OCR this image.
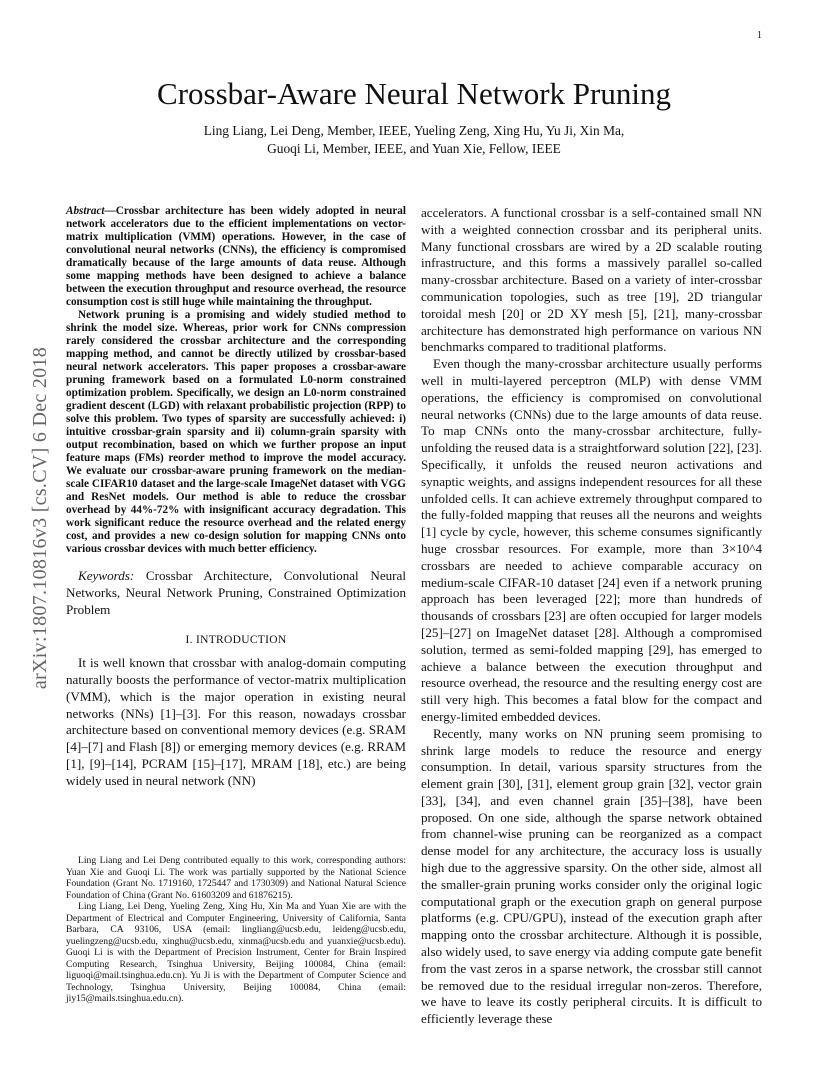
1
arXiv:1807.10816v3 [cs.CV] 6 Dec 2018
Crossbar-Aware Neural Network Pruning
Ling Liang, Lei Deng, Member, IEEE, Yueling Zeng, Xing Hu, Yu Ji, Xin Ma,
Guoqi Li, Member, IEEE, and Yuan Xie, Fellow, IEEE

Abstract—Crossbar architecture has been widely adopted in neural network accelerators due to the efficient implementations on vector-matrix multiplication (VMM) operations. However, in the case of convolutional neural networks (CNNs), the efficiency is compromised dramatically because of the large amounts of data reuse. Although some mapping methods have been designed to achieve a balance between the execution throughput and resource overhead, the resource consumption cost is still huge while maintaining the throughput.

Network pruning is a promising and widely studied method to shrink the model size. Whereas, prior work for CNNs compression rarely considered the crossbar architecture and the corresponding mapping method, and cannot be directly utilized by crossbar-based neural network accelerators. This paper proposes a crossbar-aware pruning framework based on a formulated L0-norm constrained optimization problem. Specifically, we design an L0-norm constrained gradient descent (LGD) with relaxant probabilistic projection (RPP) to solve this problem. Two types of sparsity are successfully achieved: i) intuitive crossbar-grain sparsity and ii) column-grain sparsity with output recombination, based on which we further propose an input feature maps (FMs) reorder method to improve the model accuracy. We evaluate our crossbar-aware pruning framework on the median-scale CIFAR10 dataset and the large-scale ImageNet dataset with VGG and ResNet models. Our method is able to reduce the crossbar overhead by 44%-72% with insignificant accuracy degradation. This work significant reduce the resource overhead and the related energy cost, and provides a new co-design solution for mapping CNNs onto various crossbar devices with much better efficiency.

Keywords: Crossbar Architecture, Convolutional Neural Networks, Neural Network Pruning, Constrained Optimization Problem

I. INTRODUCTION

It is well known that crossbar with analog-domain computing naturally boosts the performance of vector-matrix multiplication (VMM), which is the major operation in existing neural networks (NNs) [1]–[3]. For this reason, nowadays crossbar architecture based on conventional memory devices (e.g. SRAM [4]–[7] and Flash [8]) or emerging memory devices (e.g. RRAM [1], [9]–[14], PCRAM [15]–[17], MRAM [18], etc.) are being widely used in neural network (NN)

Ling Liang and Lei Deng contributed equally to this work, corresponding authors: Yuan Xie and Guoqi Li. The work was partially supported by the National Science Foundation (Grant No. 1719160, 1725447 and 1730309) and National Natural Science Foundation of China (Grant No. 61603209 and 61876215).

Ling Liang, Lei Deng, Yueling Zeng, Xing Hu, Xin Ma and Yuan Xie are with the Department of Electrical and Computer Engineering, University of California, Santa Barbara, CA 93106, USA (email: lingliang@ucsb.edu, leideng@ucsb.edu, yuelingzeng@ucsb.edu, xinghu@ucsb.edu, xinma@ucsb.edu and yuanxie@ucsb.edu). Guoqi Li is with the Department of Precision Instrument, Center for Brain Inspired Computing Research, Tsinghua University, Beijing 100084, China (email: liguoqi@mail.tsinghua.edu.cn). Yu Ji is with the Department of Computer Science and Technology, Tsinghua University, Beijing 100084, China (email: jiy15@mails.tsinghua.edu.cn).

accelerators. A functional crossbar is a self-contained small NN with a weighted connection crossbar and its peripheral units. Many functional crossbars are wired by a 2D scalable routing infrastructure, and this forms a massively parallel so-called many-crossbar architecture. Based on a variety of inter-crossbar communication topologies, such as tree [19], 2D triangular toroidal mesh [20] or 2D XY mesh [5], [21], many-crossbar architecture has demonstrated high performance on various NN benchmarks compared to traditional platforms.

Even though the many-crossbar architecture usually performs well in multi-layered perceptron (MLP) with dense VMM operations, the efficiency is compromised on convolutional neural networks (CNNs) due to the large amounts of data reuse. To map CNNs onto the many-crossbar architecture, fully-unfolding the reused data is a straightforward solution [22], [23]. Specifically, it unfolds the reused neuron activations and synaptic weights, and assigns independent resources for all these unfolded cells. It can achieve extremely throughput compared to the fully-folded mapping that reuses all the neurons and weights [1] cycle by cycle, however, this scheme consumes significantly huge crossbar resources. For example, more than 3×10^4 crossbars are needed to achieve comparable accuracy on medium-scale CIFAR-10 dataset [24] even if a network pruning approach has been leveraged [22]; more than hundreds of thousands of crossbars [23] are often occupied for larger models [25]–[27] on ImageNet dataset [28]. Although a compromised solution, termed as semi-folded mapping [29], has emerged to achieve a balance between the execution throughput and resource overhead, the resource and the resulting energy cost are still very high. This becomes a fatal blow for the compact and energy-limited embedded devices.

Recently, many works on NN pruning seem promising to shrink large models to reduce the resource and energy consumption. In detail, various sparsity structures from the element grain [30], [31], element group grain [32], vector grain [33], [34], and even channel grain [35]–[38], have been proposed. On one side, although the sparse network obtained from channel-wise pruning can be reorganized as a compact dense model for any architecture, the accuracy loss is usually high due to the aggressive sparsity. On the other side, almost all the smaller-grain pruning works consider only the original logic computational graph or the execution graph on general purpose platforms (e.g. CPU/GPU), instead of the execution graph after mapping onto the crossbar architecture. Although it is possible, also widely used, to save energy via adding compute gate benefit from the vast zeros in a sparse network, the crossbar still cannot be removed due to the residual irregular non-zeros. Therefore, we have to leave its costly peripheral circuits. It is difficult to efficiently leverage these
